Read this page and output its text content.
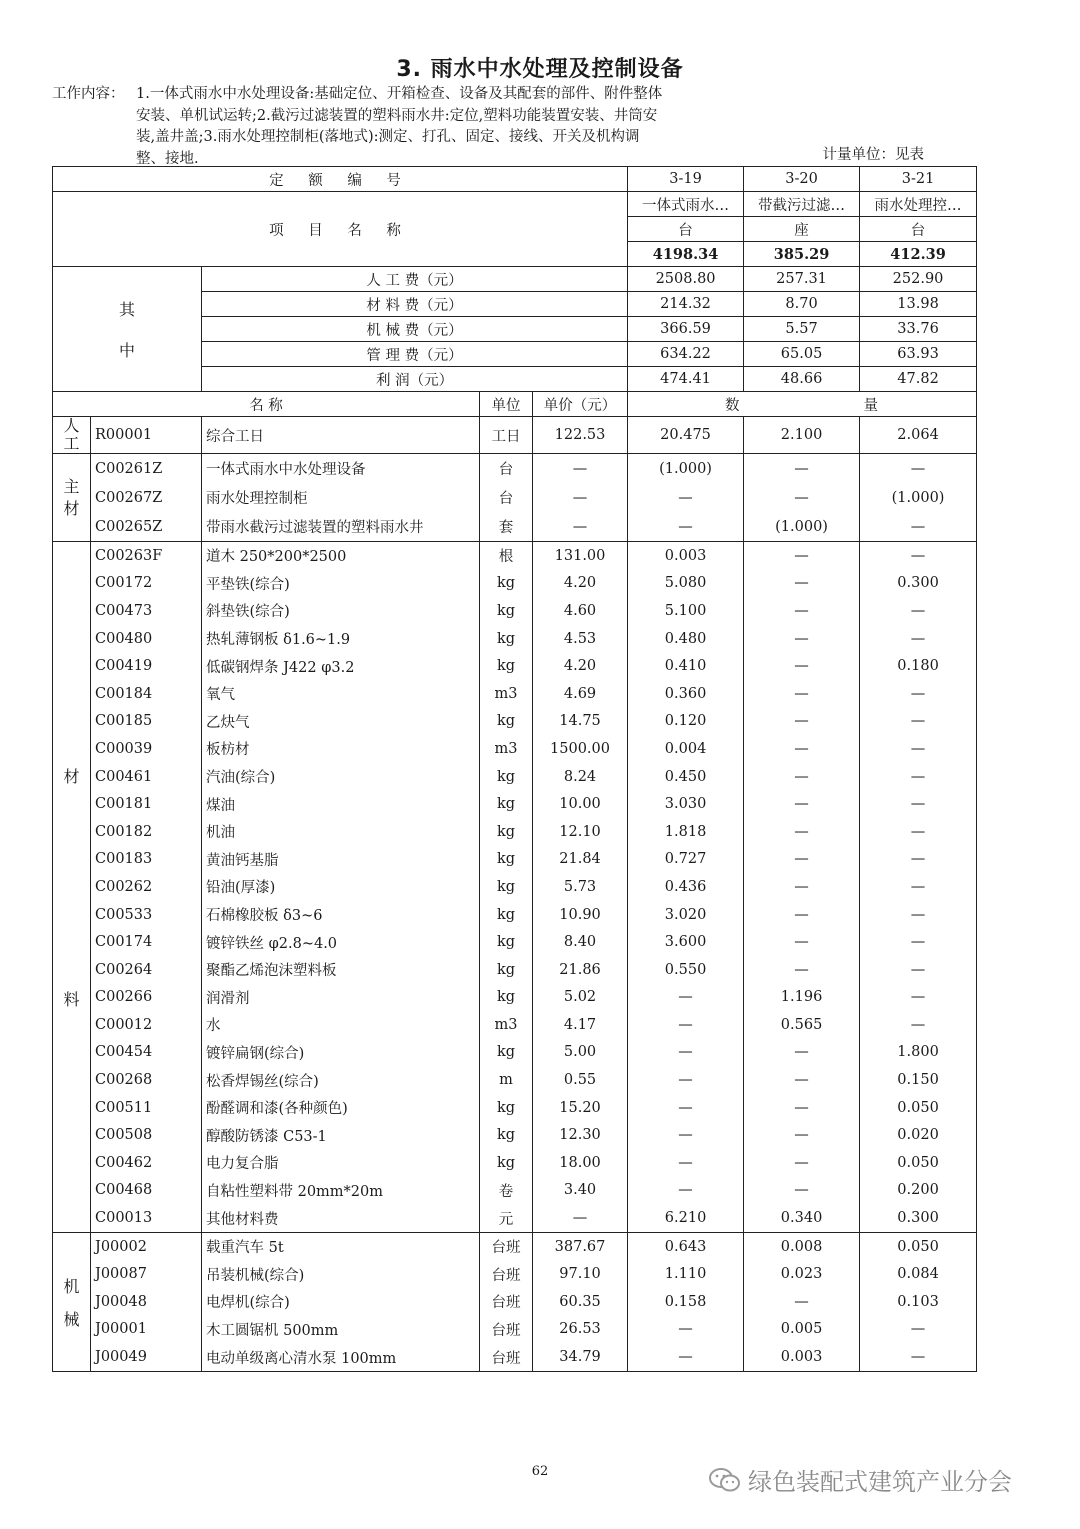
3. 雨水中水处理及控制设备
工作内容： 1.一体式雨水中水处理设备:基础定位、开箱检查、设备及其配套的部件、附件整体
安装、单机试运转;2.截污过滤装置的塑料雨水井:定位,塑料功能装置安装、井筒安
装,盖井盖;3.雨水处理控制柜(落地式):测定、打孔、固定、接线、开关及机构调
整、接地.	计量单位：见表
定 额 编 号					3-19	3-20	3-21
项 目 名 称					一体式雨水…	带截污过滤…	雨水处理控…
					台	座	台
					4198.34	385.29	412.39

其
中		人 工 费（元）			2508.80	257.31	252.90
		材 料 费（元）			214.32	8.70	13.98
		机 械 费（元）			366.59	5.57	33.76
		管 理 费（元）			634.22	65.05	63.93
		利 润（元）			474.41	48.66	47.82
名 称			单位	单价（元）	数		量

人工	R00001	综合工日	工日	122.53	20.475	2.100	2.064

主材	C00261Z	一体式雨水中水处理设备	台	—	(1.000)	—	—
	C00267Z	雨水处理控制柜	台	—	—	—	(1.000)
	C00265Z	带雨水截污过滤装置的塑料雨水井	套	—	—	(1.000)	—

材
料	C00263F	道木 250*200*2500	根	131.00	0.003	—	—
	C00172	平垫铁(综合)	kg	4.20	5.080	—	0.300
	C00473	斜垫铁(综合)	kg	4.60	5.100	—	—
	C00480	热轧薄钢板 δ1.6~1.9	kg	4.53	0.480	—	—
	C00419	低碳钢焊条 J422 φ3.2	kg	4.20	0.410	—	0.180
	C00184	氧气	m3	4.69	0.360	—	—
	C00185	乙炔气	kg	14.75	0.120	—	—
	C00039	板枋材	m3	1500.00	0.004	—	—
	C00461	汽油(综合)	kg	8.24	0.450	—	—
	C00181	煤油	kg	10.00	3.030	—	—
	C00182	机油	kg	12.10	1.818	—	—
	C00183	黄油钙基脂	kg	21.84	0.727	—	—
	C00262	铅油(厚漆)	kg	5.73	0.436	—	—
	C00533	石棉橡胶板 δ3~6	kg	10.90	3.020	—	—
	C00174	镀锌铁丝 φ2.8~4.0	kg	8.40	3.600	—	—
	C00264	聚酯乙烯泡沫塑料板	kg	21.86	0.550	—	—
	C00266	润滑剂	kg	5.02	—	1.196	—
	C00012	水	m3	4.17	—	0.565	—
	C00454	镀锌扁钢(综合)	kg	5.00	—	—	1.800
	C00268	松香焊锡丝(综合)	m	0.55	—	—	0.150
	C00511	酚醛调和漆(各种颜色)	kg	15.20	—	—	0.050
	C00508	醇酸防锈漆 C53-1	kg	12.30	—	—	0.020
	C00462	电力复合脂	kg	18.00	—	—	0.050
	C00468	自粘性塑料带 20mm*20m	卷	3.40	—	—	0.200
	C00013	其他材料费	元	—	6.210	0.340	0.300

机
械	J00002	载重汽车 5t	台班	387.67	0.643	0.008	0.050
	J00087	吊装机械(综合)	台班	97.10	1.110	0.023	0.084
	J00048	电焊机(综合)	台班	60.35	0.158	—	0.103
	J00001	木工圆锯机 500mm	台班	26.53	—	0.005	—
	J00049	电动单级离心清水泵 100mm	台班	34.79	—	0.003	—
62	绿色装配式建筑产业分会
